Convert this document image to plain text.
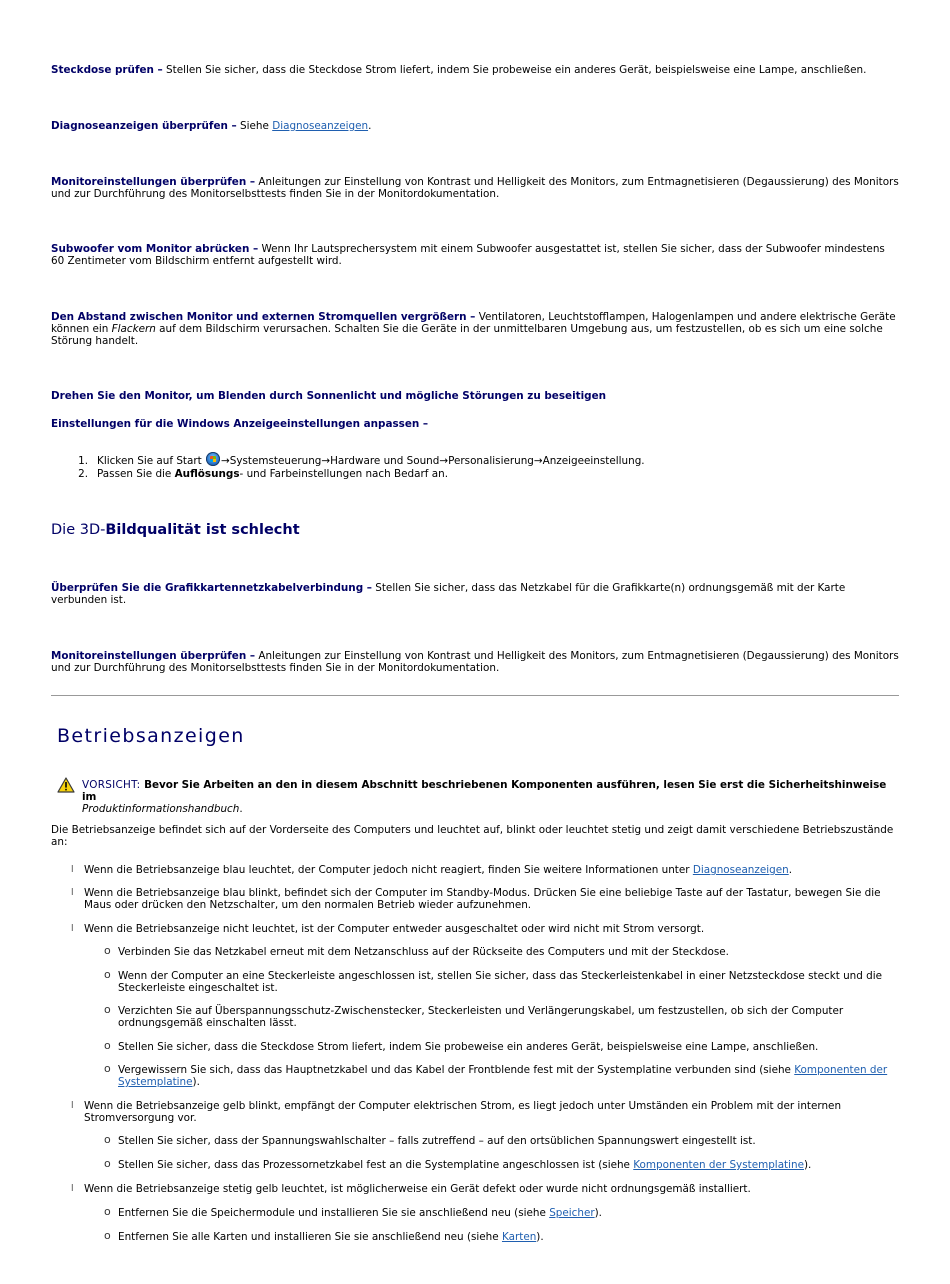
Steckdose prüfen – Stellen Sie sicher, dass die Steckdose Strom liefert, indem Sie probeweise ein anderes Gerät, beispielsweise eine Lampe, anschließen.
Diagnoseanzeigen überprüfen – Siehe Diagnoseanzeigen.
Monitoreinstellungen überprüfen – Anleitungen zur Einstellung von Kontrast und Helligkeit des Monitors, zum Entmagnetisieren (Degaussierung) des Monitors und zur Durchführung des Monitorselbsttests finden Sie in der Monitordokumentation.
Subwoofer vom Monitor abrücken – Wenn Ihr Lautsprechersystem mit einem Subwoofer ausgestattet ist, stellen Sie sicher, dass der Subwoofer mindestens 60 Zentimeter vom Bildschirm entfernt aufgestellt wird.
Den Abstand zwischen Monitor und externen Stromquellen vergrößern – Ventilatoren, Leuchtstofflampen, Halogenlampen und andere elektrische Geräte können ein Flackern auf dem Bildschirm verursachen. Schalten Sie die Geräte in der unmittelbaren Umgebung aus, um festzustellen, ob es sich um eine solche Störung handelt.
Drehen Sie den Monitor, um Blenden durch Sonnenlicht und mögliche Störungen zu beseitigen
Einstellungen für die Windows Anzeigeeinstellungen anpassen –
1. Klicken Sie auf Start
→Systemsteuerung→Hardware und Sound→Personalisierung→Anzeigeeinstellung.
2. Passen Sie die Auflösungs- und Farbeinstellungen nach Bedarf an.
Die 3D-Bildqualität ist schlecht
Überprüfen Sie die Grafikkartennetzkabelverbindung – Stellen Sie sicher, dass das Netzkabel für die Grafikkarte(n) ordnungsgemäß mit der Karte verbunden ist.
Monitoreinstellungen überprüfen – Anleitungen zur Einstellung von Kontrast und Helligkeit des Monitors, zum Entmagnetisieren (Degaussierung) des Monitors und zur Durchführung des Monitorselbsttests finden Sie in der Monitordokumentation.
Betriebsanzeigen
VORSICHT: Bevor Sie Arbeiten an den in diesem Abschnitt beschriebenen Komponenten ausführen, lesen Sie erst die Sicherheitshinweise im
Produktinformationshandbuch.
Die Betriebsanzeige befindet sich auf der Vorderseite des Computers und leuchtet auf, blinkt oder leuchtet stetig und zeigt damit verschiedene Betriebszustände an:
l Wenn die Betriebsanzeige blau leuchtet, der Computer jedoch nicht reagiert, finden Sie weitere Informationen unter Diagnoseanzeigen.
l Wenn die Betriebsanzeige blau blinkt, befindet sich der Computer im Standby-Modus. Drücken Sie eine beliebige Taste auf der Tastatur, bewegen Sie die Maus oder drücken den Netzschalter, um den normalen Betrieb wieder aufzunehmen.
l Wenn die Betriebsanzeige nicht leuchtet, ist der Computer entweder ausgeschaltet oder wird nicht mit Strom versorgt.
o Verbinden Sie das Netzkabel erneut mit dem Netzanschluss auf der Rückseite des Computers und mit der Steckdose.
o Wenn der Computer an eine Steckerleiste angeschlossen ist, stellen Sie sicher, dass das Steckerleistenkabel in einer Netzsteckdose steckt und die Steckerleiste eingeschaltet ist.
o Verzichten Sie auf Überspannungsschutz-Zwischenstecker, Steckerleisten und Verlängerungskabel, um festzustellen, ob sich der Computer ordnungsgemäß einschalten lässt.
o Stellen Sie sicher, dass die Steckdose Strom liefert, indem Sie probeweise ein anderes Gerät, beispielsweise eine Lampe, anschließen.
o Vergewissern Sie sich, dass das Hauptnetzkabel und das Kabel der Frontblende fest mit der Systemplatine verbunden sind (siehe Komponenten der Systemplatine).
l Wenn die Betriebsanzeige gelb blinkt, empfängt der Computer elektrischen Strom, es liegt jedoch unter Umständen ein Problem mit der internen Stromversorgung vor.
o Stellen Sie sicher, dass der Spannungswahlschalter – falls zutreffend – auf den ortsüblichen Spannungswert eingestellt ist.
o Stellen Sie sicher, dass das Prozessornetzkabel fest an die Systemplatine angeschlossen ist (siehe Komponenten der Systemplatine).
l Wenn die Betriebsanzeige stetig gelb leuchtet, ist möglicherweise ein Gerät defekt oder wurde nicht ordnungsgemäß installiert.
o Entfernen Sie die Speichermodule und installieren Sie sie anschließend neu (siehe Speicher).
o Entfernen Sie alle Karten und installieren Sie sie anschließend neu (siehe Karten).
